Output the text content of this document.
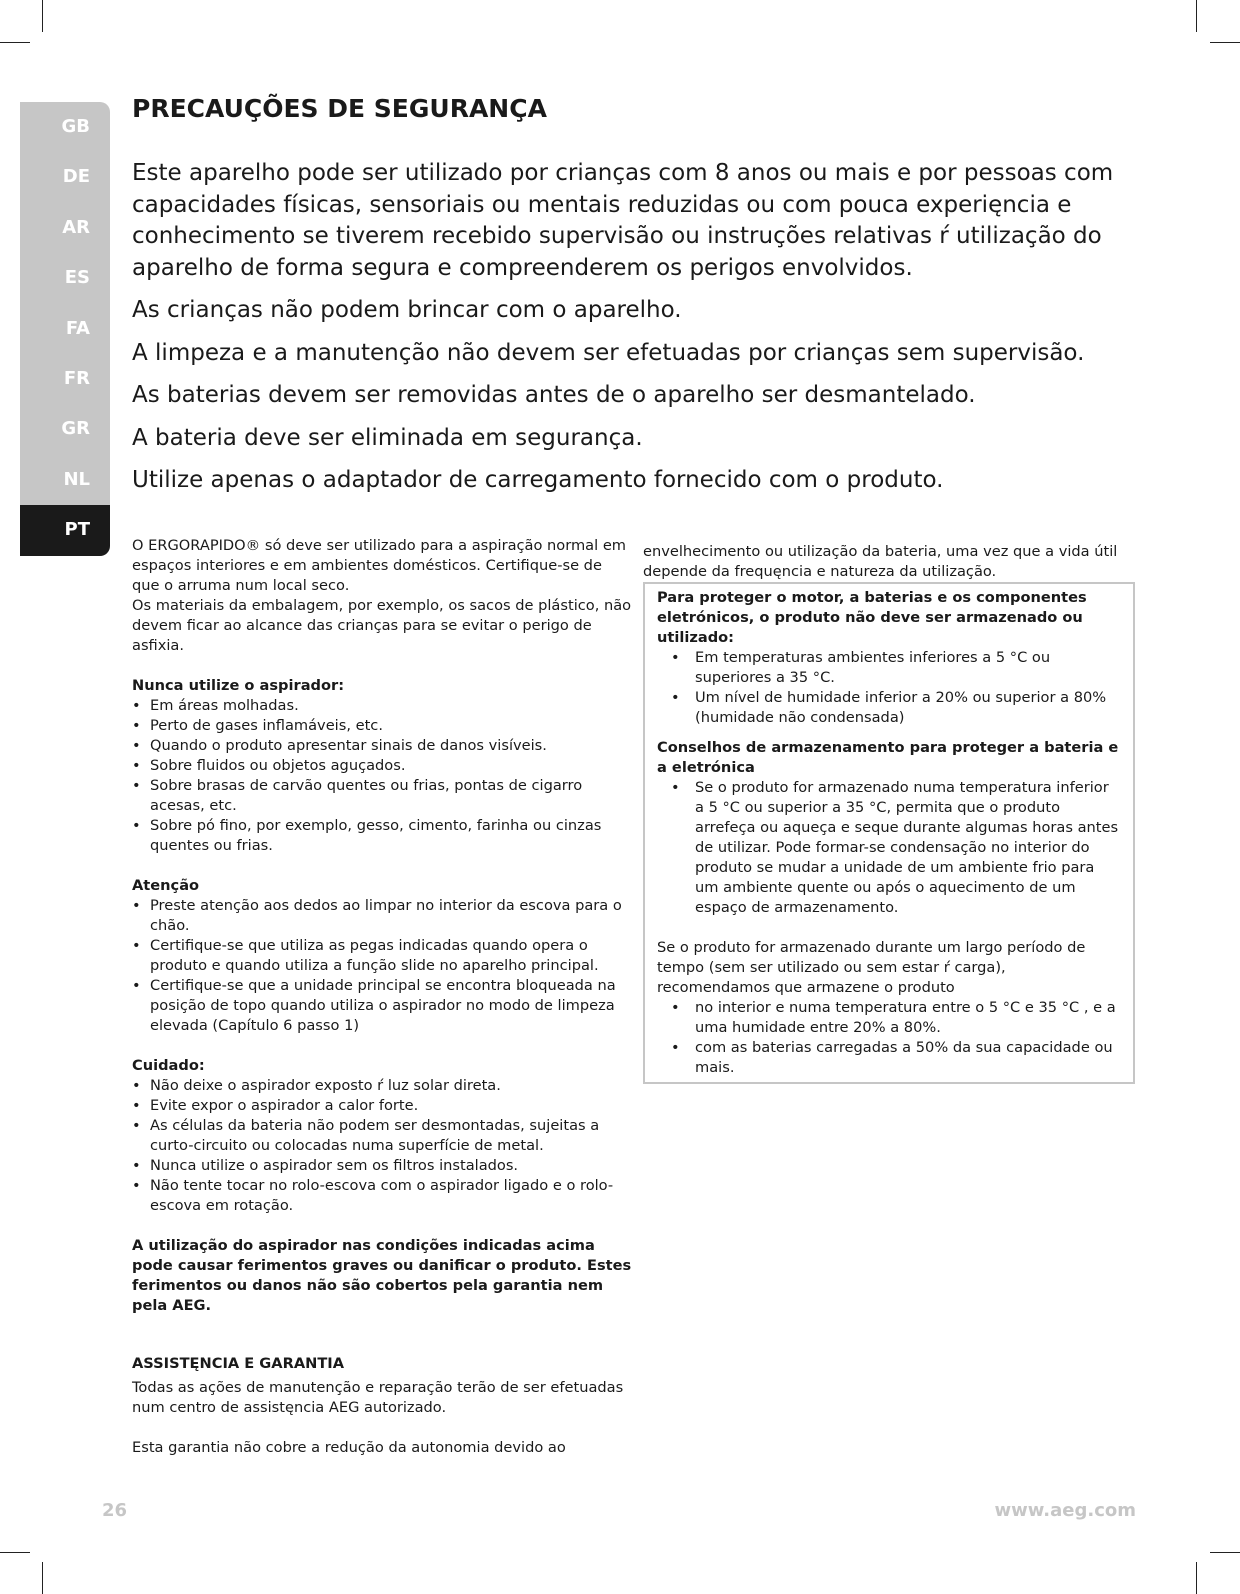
GB
DE
AR
ES
FA
FR
GR
NL
PT
PRECAUÇÕES DE SEGURANÇA

Este aparelho pode ser utilizado por crianças com 8 anos ou mais e por pessoas com capacidades físicas, sensoriais ou mentais reduzidas ou com pouca experięncia e conhecimento se tiverem recebido supervisão ou instruções relativas ŕ utilização do aparelho de forma segura e compreenderem os perigos envolvidos.

As crianças não podem brincar com o aparelho.

A limpeza e a manutenção não devem ser efetuadas por crianças sem supervisão.

As baterias devem ser removidas antes de o aparelho ser desmantelado.

A bateria deve ser eliminada em segurança.

Utilize apenas o adaptador de carregamento fornecido com o produto.

O ERGORAPIDO® só deve ser utilizado para a aspiração normal em espaços interiores e em ambientes domésticos. Certifique-se de que o arruma num local seco.

Os materiais da embalagem, por exemplo, os sacos de plástico, não devem ficar ao alcance das crianças para se evitar o perigo de asfixia.

Nunca utilize o aspirador:

• Em áreas molhadas.
• Perto de gases inflamáveis, etc.
• Quando o produto apresentar sinais de danos visíveis.
• Sobre fluidos ou objetos aguçados.
• Sobre brasas de carvão quentes ou frias, pontas de cigarro acesas, etc.
• Sobre pó fino, por exemplo, gesso, cimento, farinha ou cinzas quentes ou frias.

Atenção

• Preste atenção aos dedos ao limpar no interior da escova para o chão.
• Certifique-se que utiliza as pegas indicadas quando opera o produto e quando utiliza a função slide no aparelho principal.
• Certifique-se que a unidade principal se encontra bloqueada na posição de topo quando utiliza o aspirador no modo de limpeza elevada (Capítulo 6 passo 1)

Cuidado:

• Não deixe o aspirador exposto ŕ luz solar direta.
• Evite expor o aspirador a calor forte.
• As células da bateria não podem ser desmontadas, sujeitas a curto-circuito ou colocadas numa superfície de metal.
• Nunca utilize o aspirador sem os filtros instalados.
• Não tente tocar no rolo-escova com o aspirador ligado e o rolo-escova em rotação.

A utilização do aspirador nas condições indicadas acima pode causar ferimentos graves ou danificar o produto. Estes ferimentos ou danos não são cobertos pela garantia nem pela AEG.

ASSISTĘNCIA E GARANTIA

Todas as ações de manutenção e reparação terão de ser efetuadas num centro de assistęncia AEG autorizado.

Esta garantia não cobre a redução da autonomia devido ao

envelhecimento ou utilização da bateria, uma vez que a vida útil depende da frequęncia e natureza da utilização.

Para proteger o motor, a baterias e os componentes eletrónicos, o produto não deve ser armazenado ou utilizado:

• Em temperaturas ambientes inferiores a 5 °C ou superiores a 35 °C.
• Um nível de humidade inferior a 20% ou superior a 80% (humidade não condensada)

Conselhos de armazenamento para proteger a bateria e a eletrónica

• Se o produto for armazenado numa temperatura inferior a 5 °C ou superior a 35 °C, permita que o produto arrefeça ou aqueça e seque durante algumas horas antes de utilizar. Pode formar-se condensação no interior do produto se mudar a unidade de um ambiente frio para um ambiente quente ou após o aquecimento de um espaço de armazenamento.

Se o produto for armazenado durante um largo período de tempo (sem ser utilizado ou sem estar ŕ carga), recomendamos que armazene o produto

• no interior e numa temperatura entre o 5 °C e 35 °C , e a uma humidade entre 20% a 80%.
• com as baterias carregadas a 50% da sua capacidade ou mais.
26	www.aeg.com
